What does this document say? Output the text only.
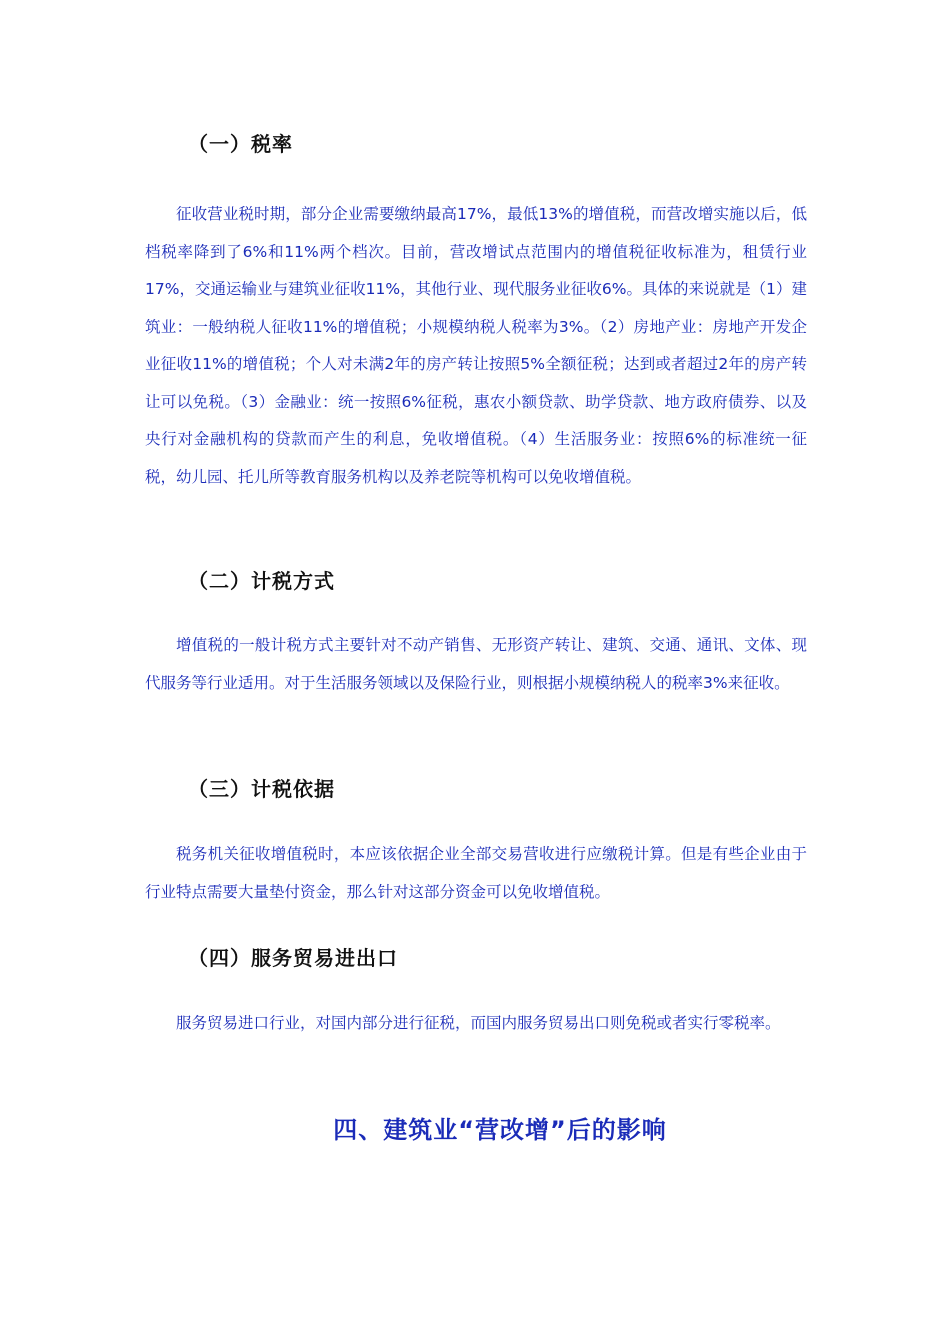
（一）税率

征收营业税时期，部分企业需要缴纳最高17%，最低13%的增值税，而营改增实施以后，低档税率降到了6%和11%两个档次。目前，营改增试点范围内的增值税征收标准为，租赁行业17%，交通运输业与建筑业征收11%，其他行业、现代服务业征收6%。具体的来说就是（1）建筑业：一般纳税人征收11%的增值税；小规模纳税人税率为3%。（2）房地产业：房地产开发企业征收11%的增值税；个人对未满2年的房产转让按照5%全额征税；达到或者超过2年的房产转让可以免税。（3）金融业：统一按照6%征税，惠农小额贷款、助学贷款、地方政府债券、以及央行对金融机构的贷款而产生的利息，免收增值税。（4）生活服务业：按照6%的标准统一征税，幼儿园、托儿所等教育服务机构以及养老院等机构可以免收增值税。

（二）计税方式

增值税的一般计税方式主要针对不动产销售、无形资产转让、建筑、交通、通讯、文体、现代服务等行业适用。对于生活服务领域以及保险行业，则根据小规模纳税人的税率3%来征收。

（三）计税依据

税务机关征收增值税时，本应该依据企业全部交易营收进行应缴税计算。但是有些企业由于行业特点需要大量垫付资金，那么针对这部分资金可以免收增值税。

（四）服务贸易进出口

服务贸易进口行业，对国内部分进行征税，而国内服务贸易出口则免税或者实行零税率。

四、建筑业“营改增”后的影响
